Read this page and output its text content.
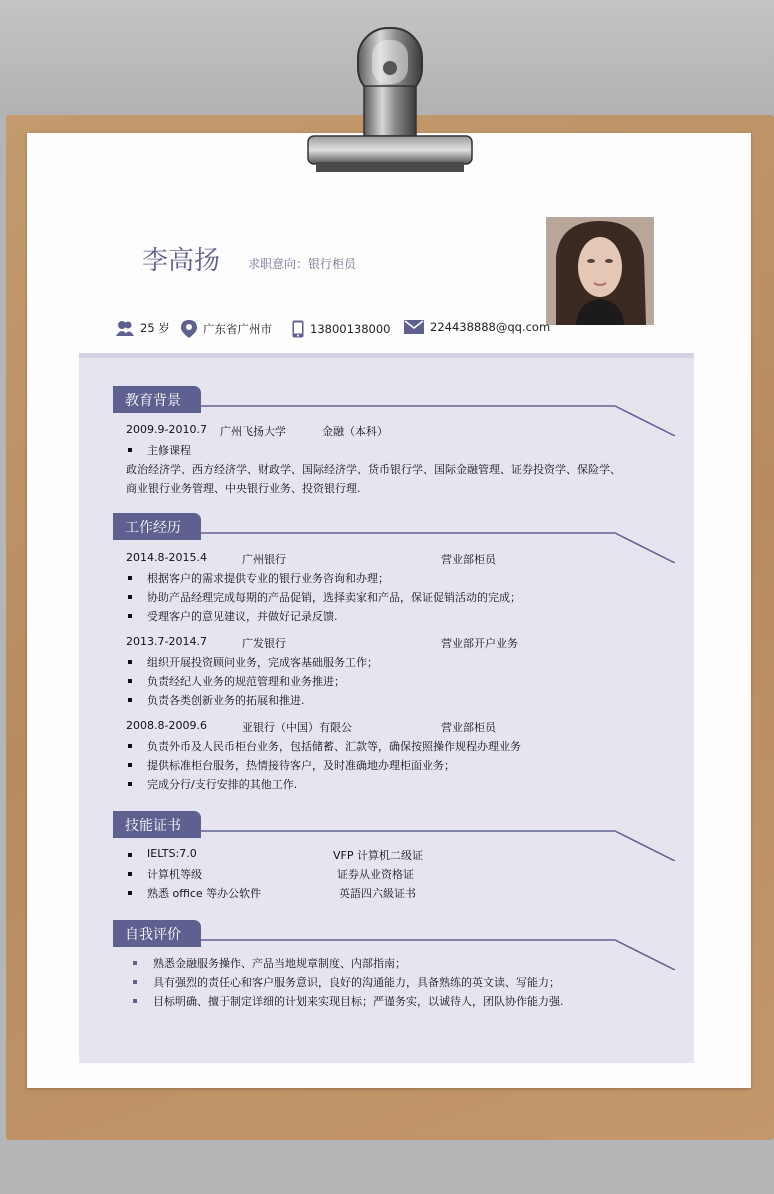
李高扬 求职意向：银行柜员
25 岁	广东省广州市	13800138000	224438888@qq.com
教育背景
2009.9-2010.7 广州飞扬大学	金融（本科）
主修课程
政治经济学、西方经济学、财政学、国际经济学、货币银行学、国际金融管理、证券投资学、保险学、
商业银行业务管理、中央银行业务、投资银行理.
工作经历
2014.8-2015.4	广州银行	营业部柜员
根据客户的需求提供专业的银行业务咨询和办理；
协助产品经理完成每期的产品促销，选择卖家和产品，保证促销活动的完成；
受理客户的意见建议，并做好记录反馈.
2013.7-2014.7	广发银行	营业部开户业务
组织开展投资顾问业务，完成客基础服务工作；
负责经纪人业务的规范管理和业务推进；
负责各类创新业务的拓展和推进.
2008.8-2009.6	亚银行（中国）有限公	营业部柜员
负责外币及人民币柜台业务，包括储蓄、汇款等，确保按照操作规程办理业务
提供标准柜台服务，热情接待客户，及时准确地办理柜面业务；
完成分行/支行安排的其他工作.
技能证书
IELTS:7.0	VFP 计算机二级证
计算机等级	证券从业资格证
熟悉 office 等办公软件	英語四六級证书
自我评价
熟悉金融服务操作、产品当地规章制度、内部指南；
具有强烈的责任心和客户服务意识，良好的沟通能力，具备熟练的英文读、写能力；
目标明确、擅于制定详细的计划来实现目标；严谨务实，以诚待人，团队协作能力强.
